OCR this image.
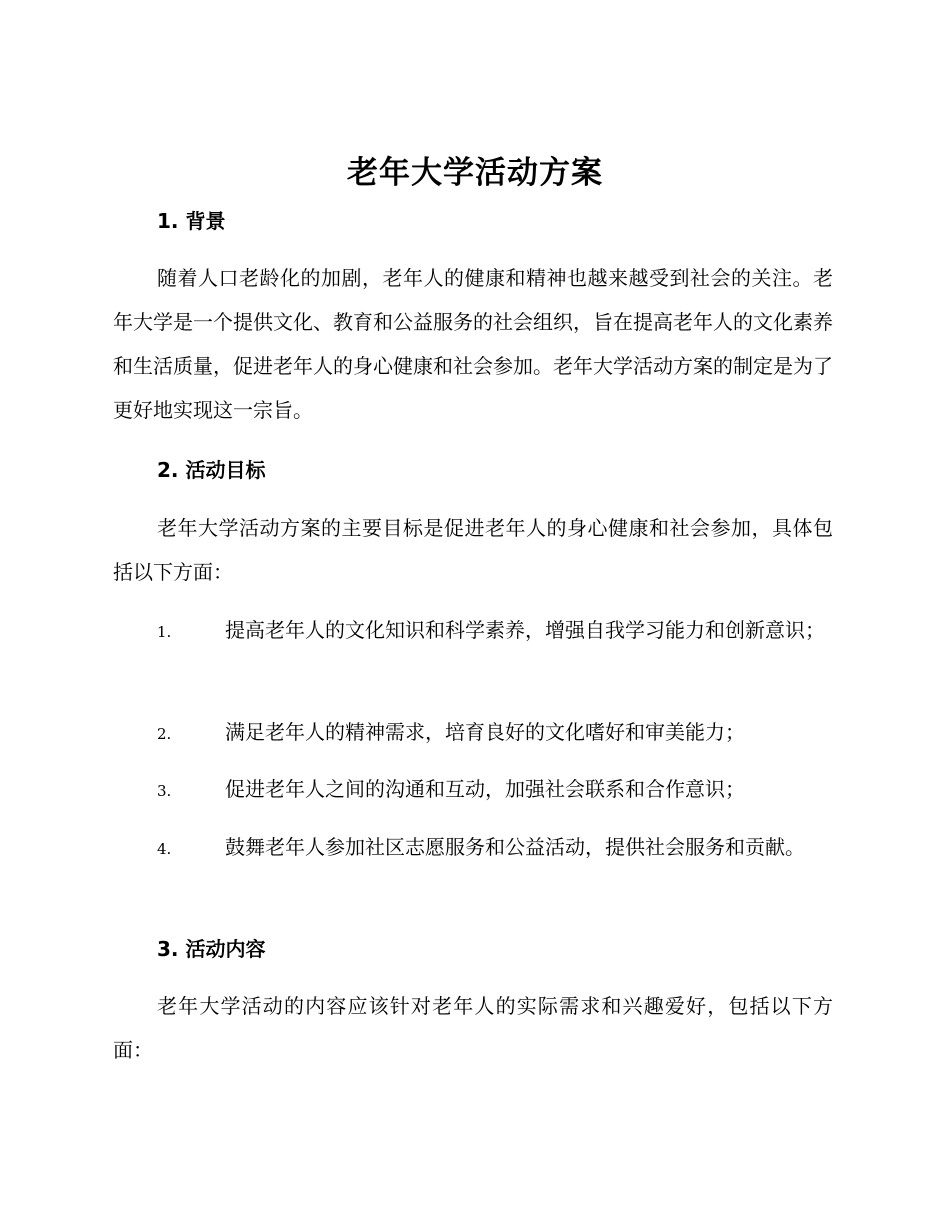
老年大学活动方案
1. 背景
随着人口老龄化的加剧，老年人的健康和精神也越来越受到社会的关注。老年大学是一个提供文化、教育和公益服务的社会组织，旨在提高老年人的文化素养和生活质量，促进老年人的身心健康和社会参加。老年大学活动方案的制定是为了更好地实现这一宗旨。
2. 活动目标
老年大学活动方案的主要目标是促进老年人的身心健康和社会参加，具体包括以下方面：
1.	提高老年人的文化知识和科学素养，增强自我学习能力和创新意识；
2.	满足老年人的精神需求，培育良好的文化嗜好和审美能力；
3.	促进老年人之间的沟通和互动，加强社会联系和合作意识；
4.	鼓舞老年人参加社区志愿服务和公益活动，提供社会服务和贡献。
3. 活动内容
老年大学活动的内容应该针对老年人的实际需求和兴趣爱好，包括以下方面：
